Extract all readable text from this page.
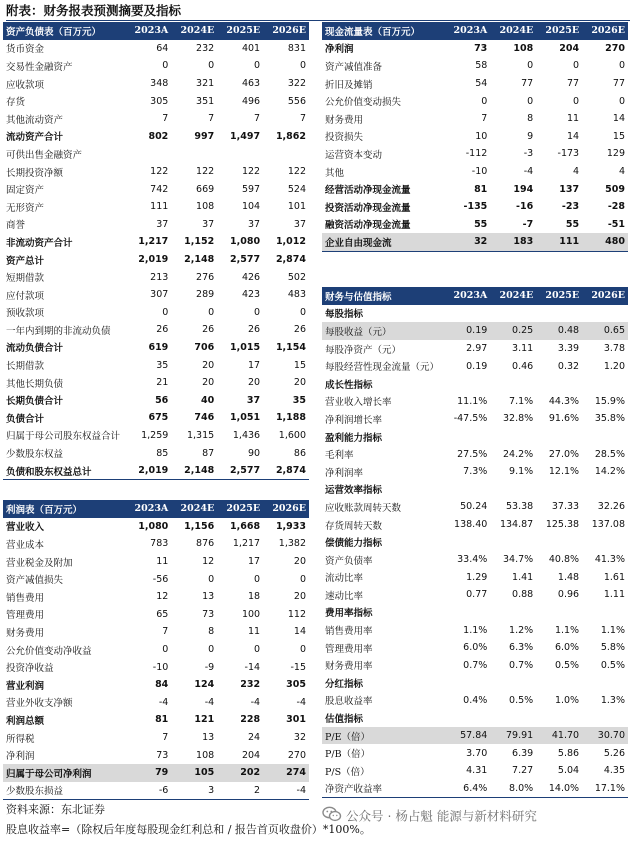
附表：财务报表预测摘要及指标
资产负债表（百万元）	2023A	2024E	2025E	2026E
货币资金	64	232	401	831
交易性金融资产	0	0	0	0
应收款项	348	321	463	322
存货	305	351	496	556
其他流动资产	7	7	7	7
流动资产合计	802	997	1,497	1,862
可供出售金融资产				
长期投资净额	122	122	122	122
固定资产	742	669	597	524
无形资产	111	108	104	101
商誉	37	37	37	37
非流动资产合计	1,217	1,152	1,080	1,012
资产总计	2,019	2,148	2,577	2,874
短期借款	213	276	426	502
应付款项	307	289	423	483
预收款项	0	0	0	0
一年内到期的非流动负债	26	26	26	26
流动负债合计	619	706	1,015	1,154
长期借款	35	20	17	15
其他长期负债	21	20	20	20
长期负债合计	56	40	37	35
负债合计	675	746	1,051	1,188
归属于母公司股东权益合计	1,259	1,315	1,436	1,600
少数股东权益	85	87	90	86
负债和股东权益总计	2,019	2,148	2,577	2,874
利润表（百万元）	2023A	2024E	2025E	2026E
营业收入	1,080	1,156	1,668	1,933
营业成本	783	876	1,217	1,382
营业税金及附加	11	12	17	20
资产减值损失	-56	0	0	0
销售费用	12	13	18	20
管理费用	65	73	100	112
财务费用	7	8	11	14
公允价值变动净收益	0	0	0	0
投资净收益	-10	-9	-14	-15
营业利润	84	124	232	305
营业外收支净额	-4	-4	-4	-4
利润总额	81	121	228	301
所得税	7	13	24	32
净利润	73	108	204	270
归属于母公司净利润	79	105	202	274
少数股东损益	-6	3	2	-4
现金流量表（百万元）	2023A	2024E	2025E	2026E
净利润	73	108	204	270
资产减值准备	58	0	0	0
折旧及摊销	54	77	77	77
公允价值变动损失	0	0	0	0
财务费用	7	8	11	14
投资损失	10	9	14	15
运营资本变动	-112	-3	-173	129
其他	-10	-4	4	4
经营活动净现金流量	81	194	137	509
投资活动净现金流量	-135	-16	-23	-28
融资活动净现金流量	55	-7	55	-51
企业自由现金流	32	183	111	480
财务与估值指标	2023A	2024E	2025E	2026E
每股指标				
每股收益（元）	0.19	0.25	0.48	0.65
每股净资产（元）	2.97	3.11	3.39	3.78
每股经营性现金流量（元）	0.19	0.46	0.32	1.20
成长性指标				
营业收入增长率	11.1%	7.1%	44.3%	15.9%
净利润增长率	-47.5%	32.8%	91.6%	35.8%
盈利能力指标				
毛利率	27.5%	24.2%	27.0%	28.5%
净利润率	7.3%	9.1%	12.1%	14.2%
运营效率指标				
应收账款周转天数	50.24	53.38	37.33	32.26
存货周转天数	138.40	134.87	125.38	137.08
偿债能力指标				
资产负债率	33.4%	34.7%	40.8%	41.3%
流动比率	1.29	1.41	1.48	1.61
速动比率	0.77	0.88	0.96	1.11
费用率指标				
销售费用率	1.1%	1.2%	1.1%	1.1%
管理费用率	6.0%	6.3%	6.0%	5.8%
财务费用率	0.7%	0.7%	0.5%	0.5%
分红指标				
股息收益率	0.4%	0.5%	1.0%	1.3%
估值指标				
P/E（倍）	57.84	79.91	41.70	30.70
P/B（倍）	3.70	6.39	5.86	5.26
P/S（倍）	4.31	7.27	5.04	4.35
净资产收益率	6.4%	8.0%	14.0%	17.1%
资料来源：东北证券
股息收益率=（除权后年度每股现金红利总和 / 报告首页收盘价）*100%。
公众号 · 杨占魁 能源与新材料研究
